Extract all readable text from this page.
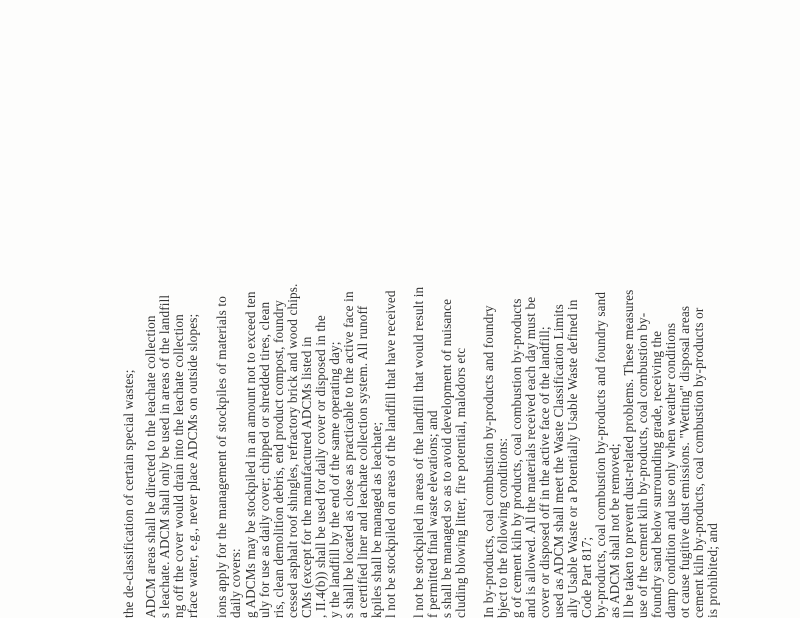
the de-classification of certain special wastes; ADCM areas shall be directed to the leachate collection s leachate. ADCM shall only be used in areas of the landfill ng off the cover would drain into the leachate collection rface water, e.g., never place ADCMs on outside slopes; ions apply for the management of stockpiles of materials to daily covers: g ADCMs may be stockpiled in an amount not to exceed ten uly for use as daily cover; chipped or shredded tires, clean ris, clean demolition debris, end product compost, foundry cessed asphalt roof shingles, refractory brick and wood chips. CMs (except for the manufactured ADCMs listed in , II.4(b)) shall be used for daily cover or disposed in the y the landfill by the end of the same operating day; s shall be located as close as practicable to the active face in a certified liner and leachate collection system. All runoff kpiles shall be managed as leachate; l not be stockpiled on areas of the landfill that have received l not be stockpiled in areas of the landfill that would result in f permitted final waste elevations; and s shall be managed so as to avoid development of nuisance cluding blowing litter, fire potential, malodors etc In by-products, coal combustion by-products and foundry bject to the following conditions: g of cement kiln by products, coal combustion by-products and is allowed. All the materials received each day must be cover or disposed off in the active face of the landfill; used as ADCM shall meet the Waste Classification Limits ally Usable Waste or a Potentially Usable Waste defined in Code Part 817; by-products, coal combustion by-products and foundry sand as ADCM shall not be removed; ll be taken to prevent dust-related problems. These measures use of the cement kiln by-products, coal combustion by- foundry sand below surrounding grade, receiving the damp condition and use only when weather conditions ot cause fugitive dust emissions. "Wetting" disposal areas cement kiln by-products, coal combustion by-products or is prohibited; and
